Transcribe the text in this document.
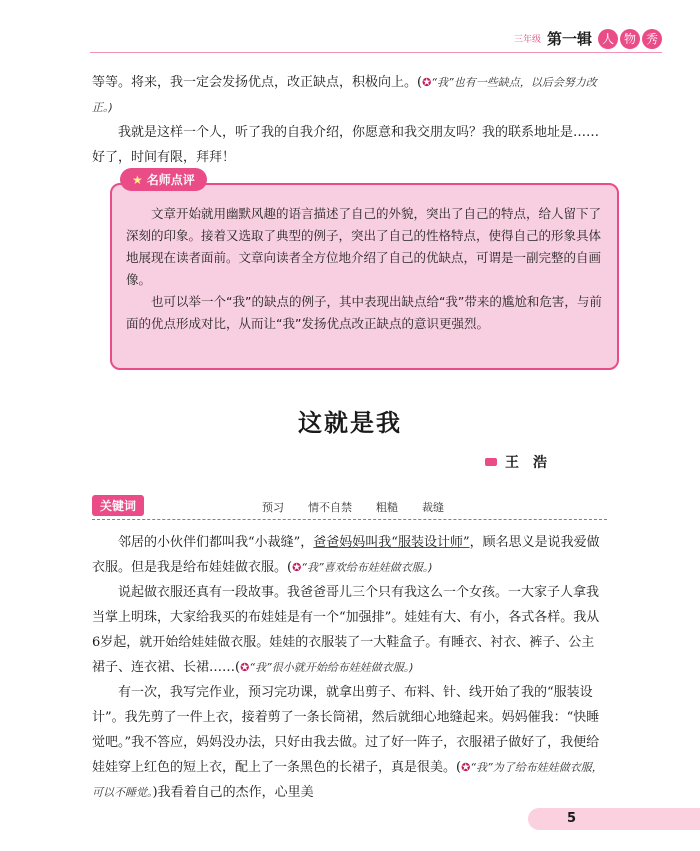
三年级 第一辑 人 物 秀
等等。将来，我一定会发扬优点，改正缺点，积极向上。(✪“我”也有一些缺点，以后会努力改正。)
我就是这样一个人，听了我的自我介绍，你愿意和我交朋友吗？我的联系地址是……好了，时间有限，拜拜！
文章开始就用幽默风趣的语言描述了自己的外貌，突出了自己的特点，给人留下了深刻的印象。接着又选取了典型的例子，突出了自己的性格特点，使得自己的形象具体地展现在读者面前。文章向读者全方位地介绍了自己的优缺点，可谓是一副完整的自画像。
也可以举一个“我”的缺点的例子，其中表现出缺点给“我”带来的尴尬和危害，与前面的优点形成对比，从而让“我”发扬优点改正缺点的意识更强烈。
★ 名师点评
这就是我
王　浩
关键词	预习 情不自禁 粗糙 裁缝
邻居的小伙伴们都叫我“小裁缝”，爸爸妈妈叫我“服装设计师”，顾名思义是说我爱做衣服。但是我是给布娃娃做衣服。(✪“我”喜欢给布娃娃做衣服。)
说起做衣服还真有一段故事。我爸爸哥儿三个只有我这么一个女孩。一大家子人拿我当掌上明珠，大家给我买的布娃娃是有一个“加强排”。娃娃有大、有小，各式各样。我从6岁起，就开始给娃娃做衣服。娃娃的衣服装了一大鞋盒子。有睡衣、衬衣、裤子、公主裙子、连衣裙、长裙……(✪“我”很小就开始给布娃娃做衣服。)
有一次，我写完作业，预习完功课，就拿出剪子、布料、针、线开始了我的“服装设计”。我先剪了一件上衣，接着剪了一条长筒裙，然后就细心地缝起来。妈妈催我：“快睡觉吧。”我不答应，妈妈没办法，只好由我去做。过了好一阵子，衣服裙子做好了，我便给娃娃穿上红色的短上衣，配上了一条黑色的长裙子，真是很美。(✪“我”为了给布娃娃做衣服，可以不睡觉。)我看着自己的杰作，心里美
5
